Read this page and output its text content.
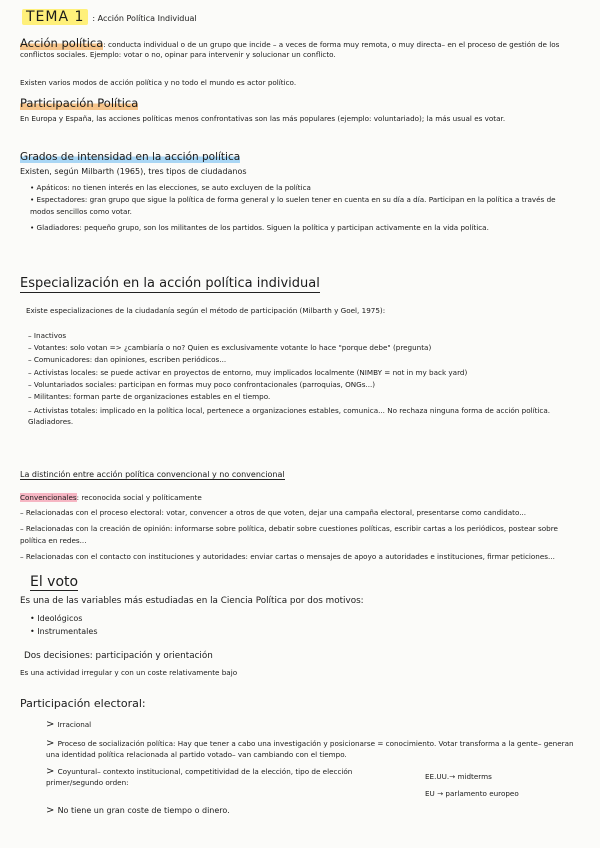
TEMA 1 : Acción Política Individual
Acción política: conducta individual o de un grupo que incide – a veces de forma muy remota, o muy directa– en el proceso de gestión de los conflictos sociales. Ejemplo: votar o no, opinar para intervenir y solucionar un conflicto.
Existen varios modos de acción política y no todo el mundo es actor político.
Participación Política
En Europa y España, las acciones políticas menos confrontativas son las más populares (ejemplo: voluntariado); la más usual es votar.
Grados de intensidad en la acción política
Existen, según Milbarth (1965), tres tipos de ciudadanos
• Apáticos: no tienen interés en las elecciones, se auto excluyen de la política
• Espectadores: gran grupo que sigue la política de forma general y lo suelen tener en cuenta en su día a día. Participan en la política a través de modos sencillos como votar.
• Gladiadores: pequeño grupo, son los militantes de los partidos. Siguen la política y participan activamente en la vida política.
Especialización en la acción política individual
Existe especializaciones de la ciudadanía según el método de participación (Milbarth y Goel, 1975):
– Inactivos
– Votantes: solo votan => ¿cambiaría o no? Quien es exclusivamente votante lo hace "porque debe" (pregunta)
– Comunicadores: dan opiniones, escriben periódicos...
– Activistas locales: se puede activar en proyectos de entorno, muy implicados localmente (NIMBY = not in my back yard)
– Voluntariados sociales: participan en formas muy poco confrontacionales (parroquias, ONGs...)
– Militantes: forman parte de organizaciones estables en el tiempo.
– Activistas totales: implicado en la política local, pertenece a organizaciones estables, comunica... No rechaza ninguna forma de acción política. Gladiadores.
La distinción entre acción política convencional y no convencional
Convencionales: reconocida social y políticamente
– Relacionadas con el proceso electoral: votar, convencer a otros de que voten, dejar una campaña electoral, presentarse como candidato...
– Relacionadas con la creación de opinión: informarse sobre política, debatir sobre cuestiones políticas, escribir cartas a los periódicos, postear sobre política en redes...
– Relacionadas con el contacto con instituciones y autoridades: enviar cartas o mensajes de apoyo a autoridades e instituciones, firmar peticiones...
El voto
Es una de las variables más estudiadas en la Ciencia Política por dos motivos:
• Ideológicos
• Instrumentales
Dos decisiones: participación y orientación
Es una actividad irregular y con un coste relativamente bajo
Participación electoral:
> Irracional
> Proceso de socialización política: Hay que tener a cabo una investigación y posicionarse = conocimiento. Votar transforma a la gente– generan una identidad política relacionada al partido votado– van cambiando con el tiempo.
> Coyuntural– contexto institucional, competitividad de la elección, tipo de elección primer/segundo orden:
EE.UU.→ midterms
EU → parlamento europeo
> No tiene un gran coste de tiempo o dinero.
